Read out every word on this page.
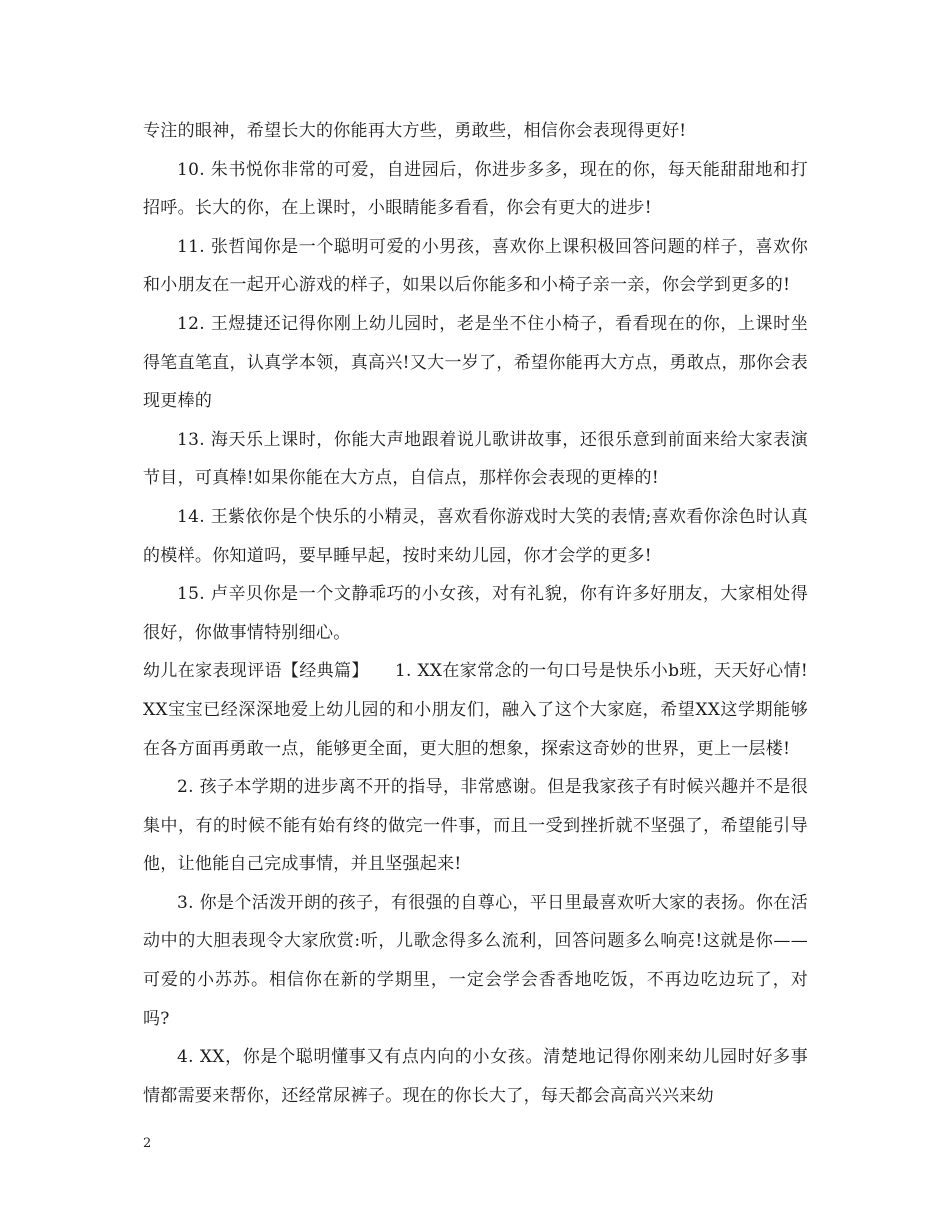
专注的眼神，希望长大的你能再大方些，勇敢些，相信你会表现得更好!

10. 朱书悦你非常的可爱，自进园后，你进步多多，现在的你，每天能甜甜地和打招呼。长大的你，在上课时，小眼睛能多看看，你会有更大的进步!

11. 张哲闻你是一个聪明可爱的小男孩，喜欢你上课积极回答问题的样子，喜欢你和小朋友在一起开心游戏的样子，如果以后你能多和小椅子亲一亲，你会学到更多的!

12. 王煜捷还记得你刚上幼儿园时，老是坐不住小椅子，看看现在的你，上课时坐得笔直笔直，认真学本领，真高兴!又大一岁了，希望你能再大方点，勇敢点，那你会表现更棒的

13. 海天乐上课时，你能大声地跟着说儿歌讲故事，还很乐意到前面来给大家表演节目，可真棒!如果你能在大方点，自信点，那样你会表现的更棒的!

14. 王紫依你是个快乐的小精灵，喜欢看你游戏时大笑的表情;喜欢看你涂色时认真的模样。你知道吗，要早睡早起，按时来幼儿园，你才会学的更多!

15. 卢辛贝你是一个文静乖巧的小女孩，对有礼貌，你有许多好朋友，大家相处得很好，你做事情特别细心。

幼儿在家表现评语【经典篇】　　1. XX在家常念的一句口号是快乐小b班，天天好心情!XX宝宝已经深深地爱上幼儿园的和小朋友们，融入了这个大家庭，希望XX这学期能够在各方面再勇敢一点，能够更全面，更大胆的想象，探索这奇妙的世界，更上一层楼!

2. 孩子本学期的进步离不开的指导，非常感谢。但是我家孩子有时候兴趣并不是很集中，有的时候不能有始有终的做完一件事，而且一受到挫折就不坚强了，希望能引导他，让他能自己完成事情，并且坚强起来!

3. 你是个活泼开朗的孩子，有很强的自尊心，平日里最喜欢听大家的表扬。你在活动中的大胆表现令大家欣赏:听，儿歌念得多么流利，回答问题多么响亮!这就是你——可爱的小苏苏。相信你在新的学期里，一定会学会香香地吃饭，不再边吃边玩了，对吗?

4. XX，你是个聪明懂事又有点内向的小女孩。清楚地记得你刚来幼儿园时好多事情都需要来帮你，还经常尿裤子。现在的你长大了，每天都会高高兴兴来幼

2
